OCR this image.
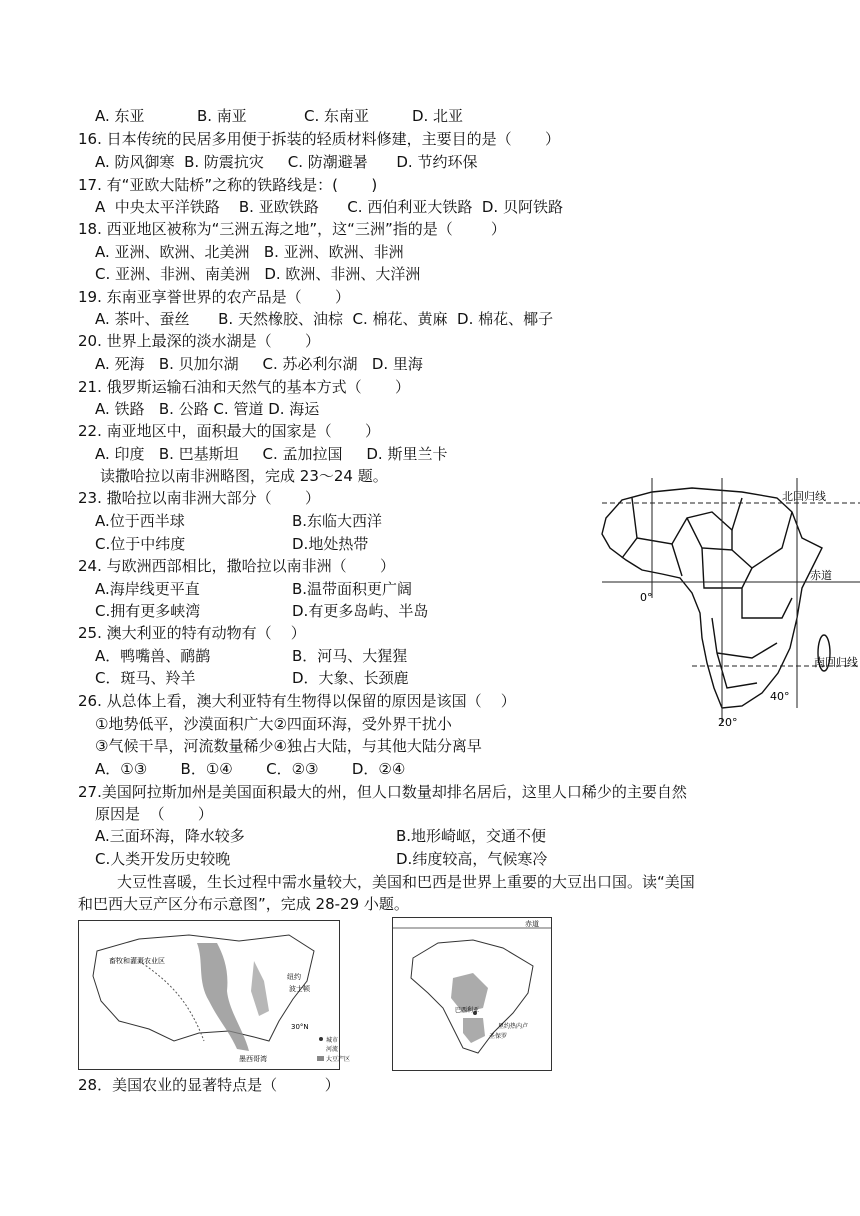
A. 东亚           B. 南亚            C. 东南亚         D. 北亚
16. 日本传统的民居多用便于拆装的轻质材料修建，主要目的是（       ）
A. 防风御寒  B. 防震抗灾     C. 防潮避暑      D. 节约环保
17. 有“亚欧大陆桥”之称的铁路线是：(       )
A  中央太平洋铁路    B. 亚欧铁路      C. 西伯利亚大铁路  D. 贝阿铁路
18. 西亚地区被称为“三洲五海之地”，这“三洲”指的是（        ）
A. 亚洲、欧洲、北美洲   B. 亚洲、欧洲、非洲
C. 亚洲、非洲、南美洲   D. 欧洲、非洲、大洋洲
19. 东南亚享誉世界的农产品是（       ）
A. 茶叶、蚕丝      B. 天然橡胶、油棕  C. 棉花、黄麻  D. 棉花、椰子
20. 世界上最深的淡水湖是（       ）
A. 死海   B. 贝加尔湖     C. 苏必利尔湖   D. 里海
21. 俄罗斯运输石油和天然气的基本方式（       ）
A. 铁路   B. 公路 C. 管道 D. 海运
22. 南亚地区中，面积最大的国家是（       ）
A. 印度   B. 巴基斯坦     C. 孟加拉国     D. 斯里兰卡
读撒哈拉以南非洲略图，完成 23～24 题。
23. 撒哈拉以南非洲大部分（       ）
A.位于西半球	B.东临大西洋
C.位于中纬度	D.地处热带
24. 与欧洲西部相比，撒哈拉以南非洲（       ）
A.海岸线更平直	B.温带面积更广阔
C.拥有更多峡湾	D.有更多岛屿、半岛
25. 澳大利亚的特有动物有（    ）
A．鸭嘴兽、鸸鹋	B．河马、大猩猩
C．斑马、羚羊	D．大象、长颈鹿
26. 从总体上看，澳大利亚特有生物得以保留的原因是该国（    ）
①地势低平，沙漠面积广大②四面环海，受外界干扰小
③气候干旱，河流数量稀少④独占大陆，与其他大陆分离早
A．①③       B．①④       C．②③       D．②④
27.美国阿拉斯加州是美国面积最大的州，但人口数量却排名居后，这里人口稀少的主要自然
原因是  （       ）
A.三面环海，降水较多	B.地形崎岖，交通不便
C.人类开发历史较晚	D.纬度较高，气候寒冷
大豆性喜暖，生长过程中需水量较大，美国和巴西是世界上重要的大豆出口国。读“美国
和巴西大豆产区分布示意图”，完成 28-29 小题。
28．美国农业的显著特点是（          ）
北回归线
赤道
南回归线
0°
20°
40°
畜牧和灌溉农业区
纽约
波士顿
30°N
墨西哥湾
城市
河流
大豆产区
赤道
巴西利亚
里约热内卢
圣保罗
